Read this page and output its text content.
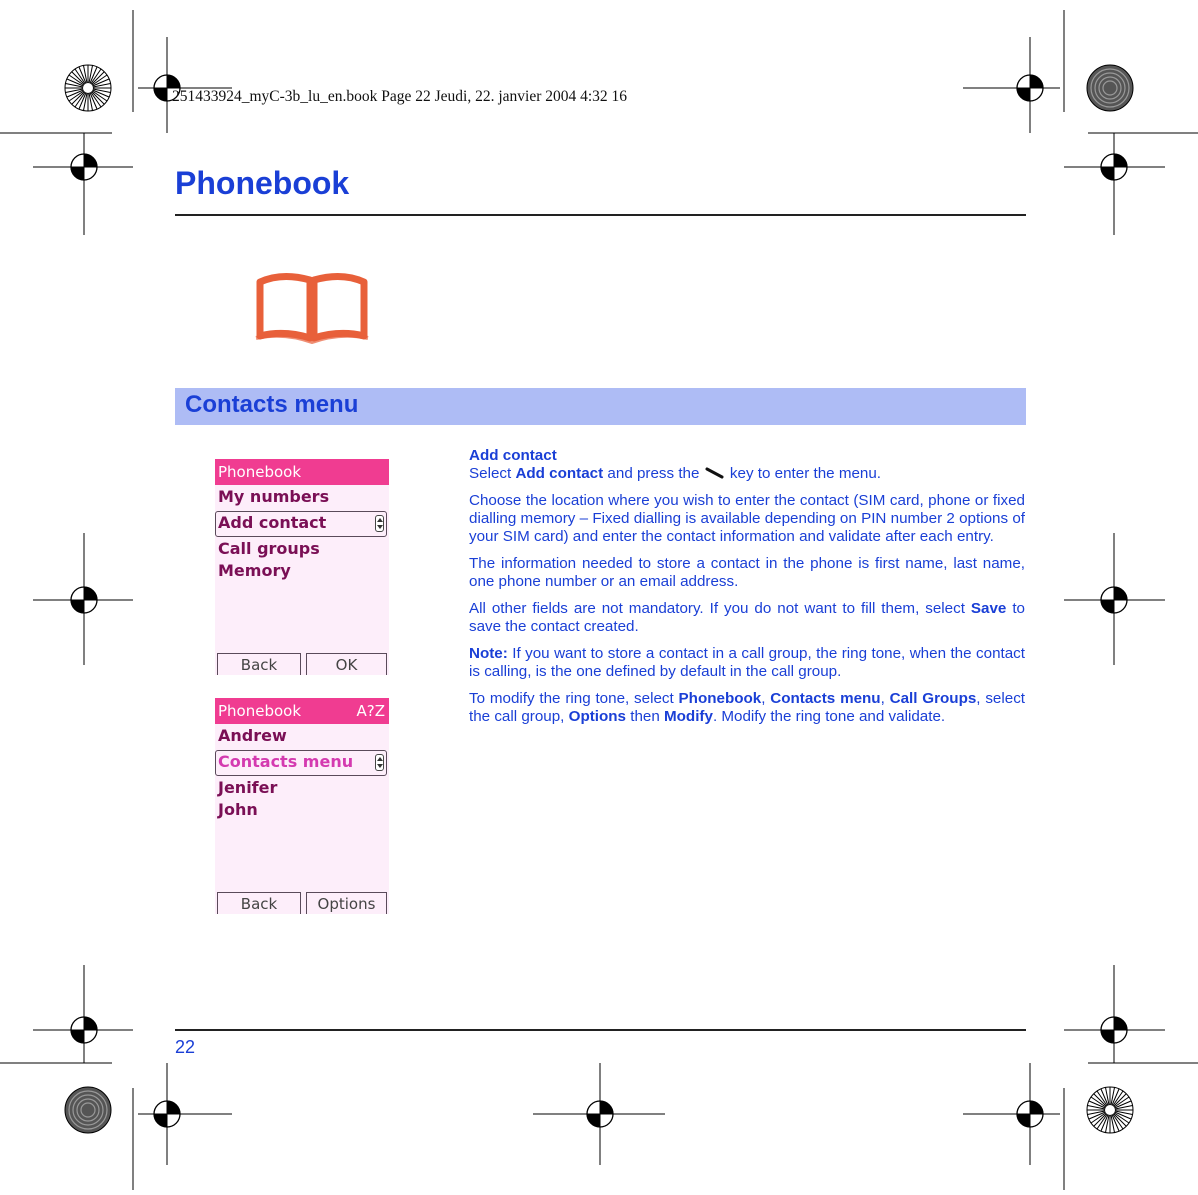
251433924_myC-3b_lu_en.book Page 22 Jeudi, 22. janvier 2004 4:32 16
Phonebook
Contacts menu
Phonebook
My numbers
Add contact
Call groups
Memory
Back	OK
Phonebook	A?Z
Andrew
Contacts menu
Jenifer
John
Back	Options

Add contact

Select Add contact and press the  key to enter the menu.

Choose the location where you wish to enter the contact (SIM card, phone or fixed dialling memory – Fixed dialling is available depending on PIN number 2 options of your SIM card) and enter the contact information and validate after each entry.

The information needed to store a contact in the phone is first name, last name, one phone number or an email address.

All other fields are not mandatory. If you do not want to fill them, select Save to save the contact created.

Note: If you want to store a contact in a call group, the ring tone, when the contact is calling, is the one defined by default in the call group.

To modify the ring tone, select Phonebook, Contacts menu, Call Groups, select the call group, Options then Modify. Modify the ring tone and validate.

22
